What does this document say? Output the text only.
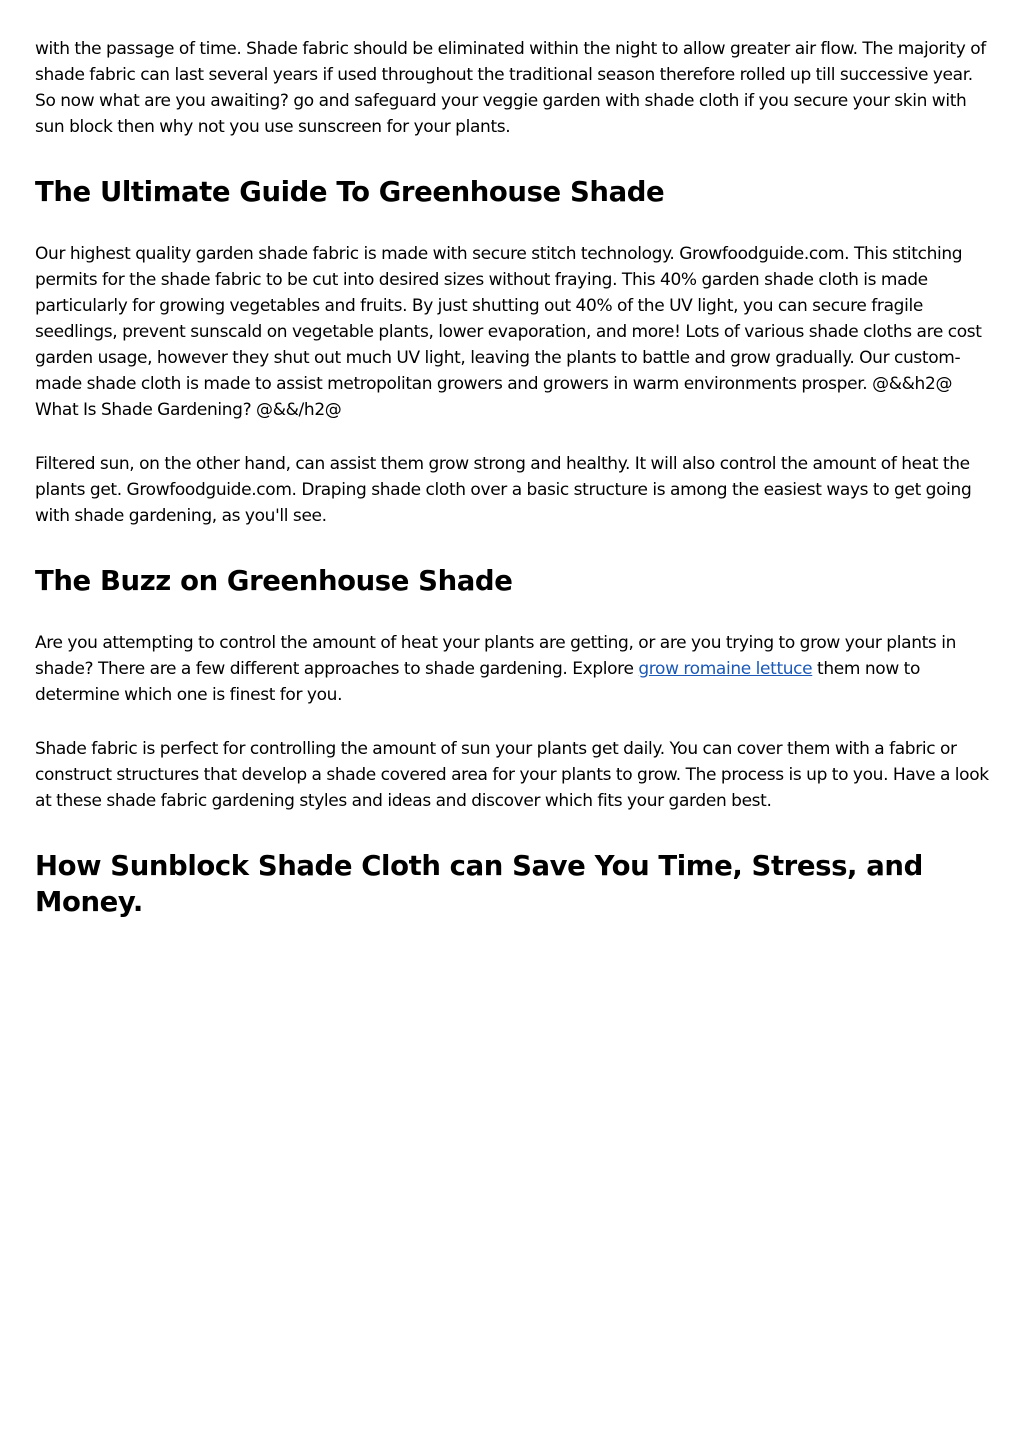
with the passage of time. Shade fabric should be eliminated within the night to allow greater air flow. The majority of shade fabric can last several years if used throughout the traditional season therefore rolled up till successive year. So now what are you awaiting? go and safeguard your veggie garden with shade cloth if you secure your skin with sun block then why not you use sunscreen for your plants.

The Ultimate Guide To Greenhouse Shade

Our highest quality garden shade fabric is made with secure stitch technology. Growfoodguide.com. This stitching permits for the shade fabric to be cut into desired sizes without fraying. This 40% garden shade cloth is made particularly for growing vegetables and fruits. By just shutting out 40% of the UV light, you can secure fragile seedlings, prevent sunscald on vegetable plants, lower evaporation, and more! Lots of various shade cloths are cost garden usage, however they shut out much UV light, leaving the plants to battle and grow gradually. Our custom-made shade cloth is made to assist metropolitan growers and growers in warm environments prosper. @&&h2@ What Is Shade Gardening? @&&/h2@

Filtered sun, on the other hand, can assist them grow strong and healthy. It will also control the amount of heat the plants get. Growfoodguide.com. Draping shade cloth over a basic structure is among the easiest ways to get going with shade gardening, as you'll see.

The Buzz on Greenhouse Shade

Are you attempting to control the amount of heat your plants are getting, or are you trying to grow your plants in shade? There are a few different approaches to shade gardening. Explore grow romaine lettuce them now to determine which one is finest for you.

Shade fabric is perfect for controlling the amount of sun your plants get daily. You can cover them with a fabric or construct structures that develop a shade covered area for your plants to grow. The process is up to you. Have a look at these shade fabric gardening styles and ideas and discover which fits your garden best.

How Sunblock Shade Cloth can Save You Time, Stress, and Money.
